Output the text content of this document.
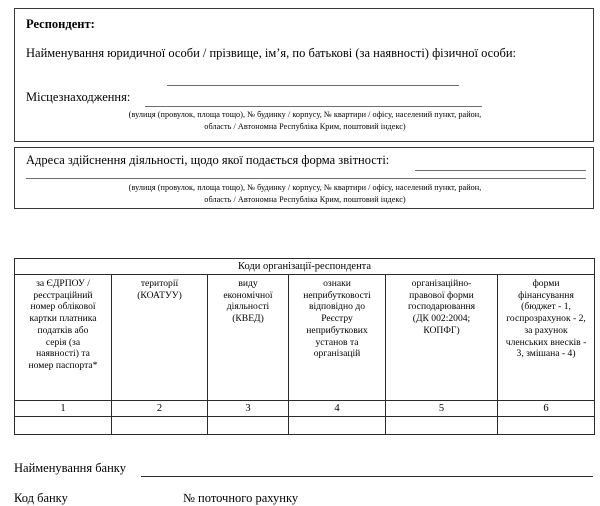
Респондент:
Найменування юридичної особи / прізвище, імʼя, по батькові (за наявності) фізичної особи:
Місцезнаходження:
(вулиця (провулок, площа тощо), № будинку / корпусу, № квартири / офісу, населений пункт, район,
область / Автономна Республіка Крим, поштовий індекс)
Адреса здійснення діяльності, щодо якої подається форма звітності:
(вулиця (провулок, площа тощо), № будинку / корпусу, № квартири / офісу, населений пункт, район,
область / Автономна Республіка Крим, поштовий індекс)
Коди організації-респондента					
за ЄДРПОУ /
реєстраційний
номер облікової
картки платника
податків або
серія (за
наявності) та
номер паспорта*	території
(КОАТУУ)	виду
економічної
діяльності
(КВЕД)	ознаки
неприбутковості
відповідно до
Реєстру
неприбуткових
установ та
організацій	організаційно-
правової форми
господарювання
(ДК 002:2004;
КОПФГ)	форми
фінансування
(бюджет - 1,
госпрозрахунок - 2,
за рахунок
членських внесків -
3, змішана - 4)
1	2	3	4	5	6

Найменування банку
Код банку	№ поточного рахунку
